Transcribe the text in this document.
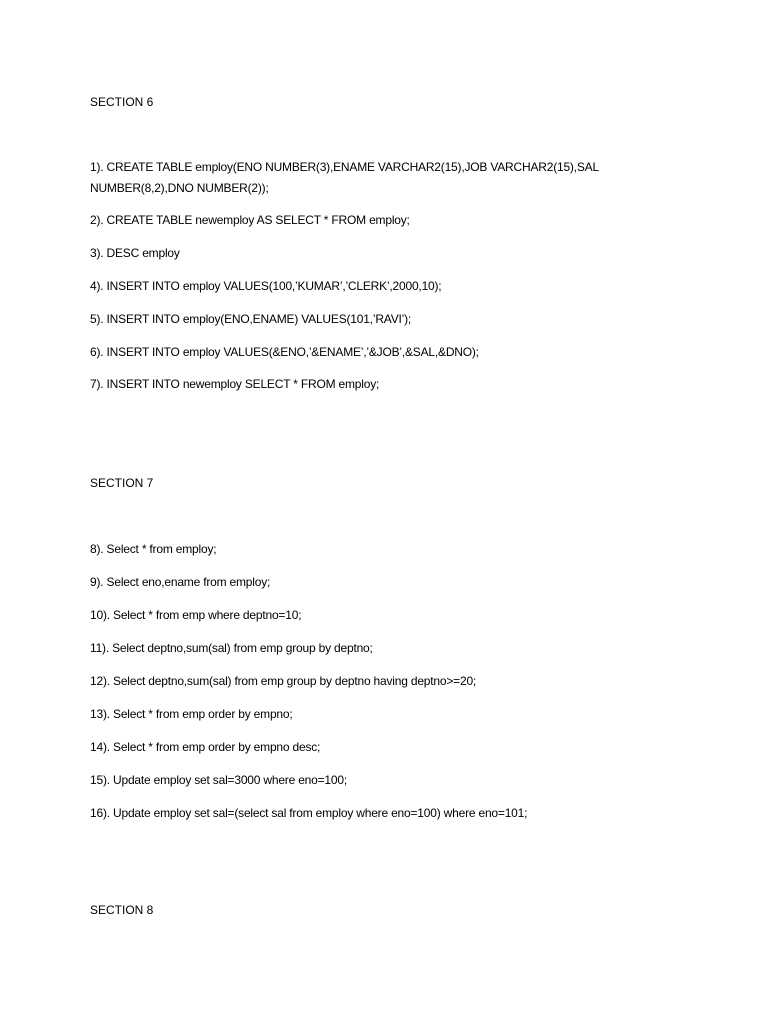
SECTION 6
1). CREATE TABLE employ(ENO NUMBER(3),ENAME VARCHAR2(15),JOB VARCHAR2(15),SAL
NUMBER(8,2),DNO NUMBER(2));
2). CREATE TABLE newemploy AS SELECT * FROM employ;
3). DESC employ
4). INSERT INTO employ VALUES(100,’KUMAR’,’CLERK’,2000,10);
5). INSERT INTO employ(ENO,ENAME) VALUES(101,’RAVI’);
6). INSERT INTO employ VALUES(&ENO,’&ENAME’,’&JOB’,&SAL,&DNO);
7). INSERT INTO newemploy SELECT * FROM employ;
SECTION 7
8). Select * from employ;
9). Select eno,ename from employ;
10). Select * from emp where deptno=10;
11). Select deptno,sum(sal) from emp group by deptno;
12). Select deptno,sum(sal) from emp group by deptno having deptno>=20;
13). Select * from emp order by empno;
14). Select * from emp order by empno desc;
15). Update employ set sal=3000 where eno=100;
16). Update employ set sal=(select sal from employ where eno=100) where eno=101;
SECTION 8
